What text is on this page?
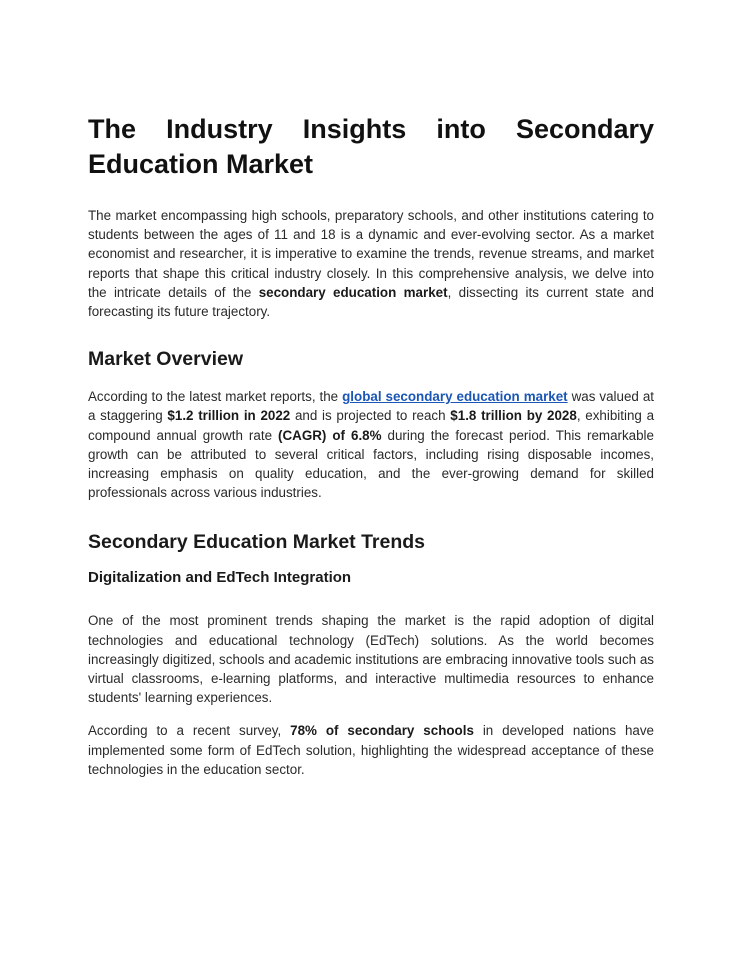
The Industry Insights into Secondary Education Market

The market encompassing high schools, preparatory schools, and other institutions catering to students between the ages of 11 and 18 is a dynamic and ever-evolving sector. As a market economist and researcher, it is imperative to examine the trends, revenue streams, and market reports that shape this critical industry closely. In this comprehensive analysis, we delve into the intricate details of the secondary education market, dissecting its current state and forecasting its future trajectory.

Market Overview

According to the latest market reports, the global secondary education market was valued at a staggering $1.2 trillion in 2022 and is projected to reach $1.8 trillion by 2028, exhibiting a compound annual growth rate (CAGR) of 6.8% during the forecast period. This remarkable growth can be attributed to several critical factors, including rising disposable incomes, increasing emphasis on quality education, and the ever-growing demand for skilled professionals across various industries.

Secondary Education Market Trends
Digitalization and EdTech Integration

One of the most prominent trends shaping the market is the rapid adoption of digital technologies and educational technology (EdTech) solutions. As the world becomes increasingly digitized, schools and academic institutions are embracing innovative tools such as virtual classrooms, e-learning platforms, and interactive multimedia resources to enhance students' learning experiences.

According to a recent survey, 78% of secondary schools in developed nations have implemented some form of EdTech solution, highlighting the widespread acceptance of these technologies in the education sector.
